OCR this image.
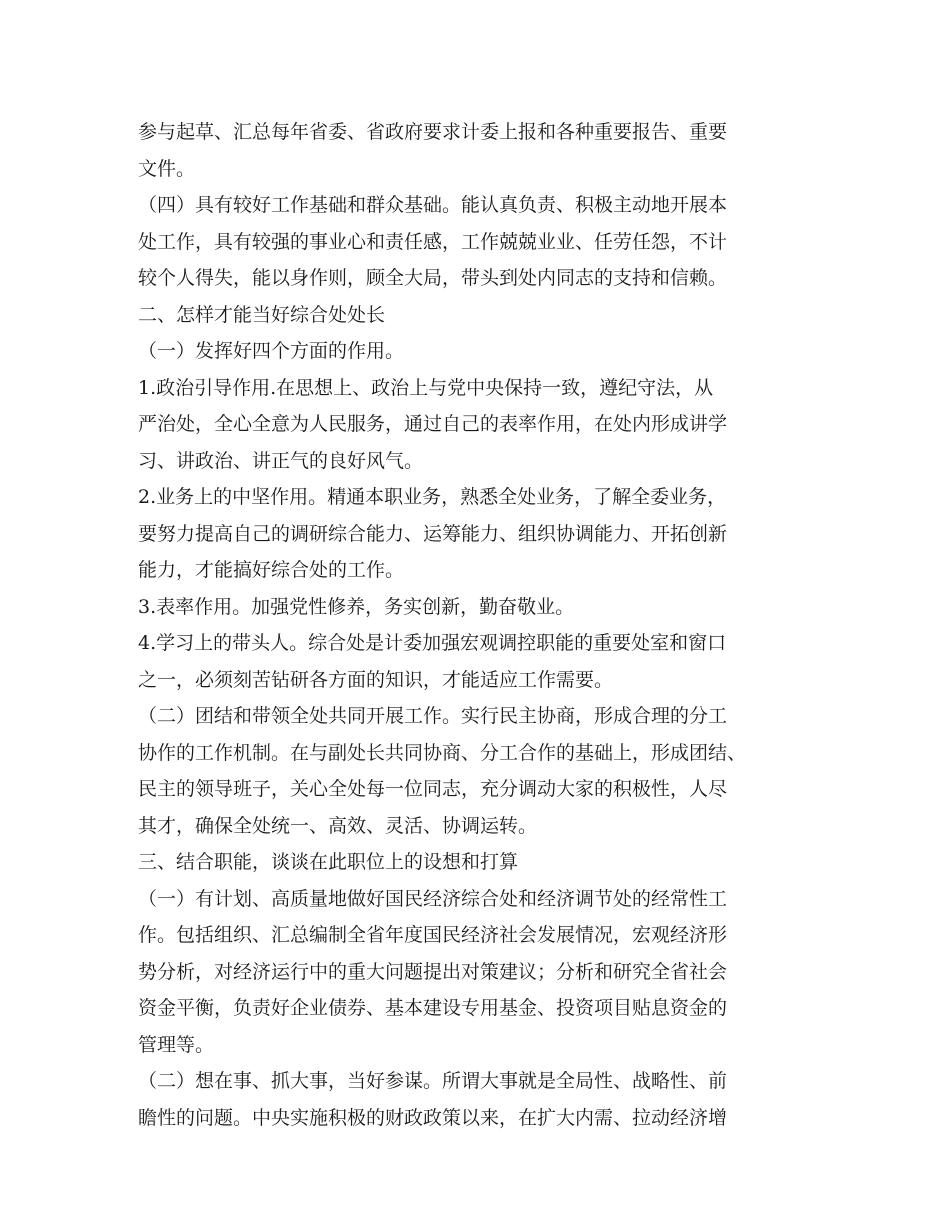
参与起草、汇总每年省委、省政府要求计委上报和各种重要报告、重要
文件。
（四）具有较好工作基础和群众基础。能认真负责、积极主动地开展本
处工作，具有较强的事业心和责任感，工作兢兢业业、任劳任怨，不计
较个人得失，能以身作则，顾全大局，带头到处内同志的支持和信赖。
二、怎样才能当好综合处处长
（一）发挥好四个方面的作用。
1.政治引导作用.在思想上、政治上与党中央保持一致，遵纪守法，从
严治处，全心全意为人民服务，通过自己的表率作用，在处内形成讲学
习、讲政治、讲正气的良好风气。
2.业务上的中坚作用。精通本职业务，熟悉全处业务，了解全委业务，
要努力提高自己的调研综合能力、运筹能力、组织协调能力、开拓创新
能力，才能搞好综合处的工作。
3.表率作用。加强党性修养，务实创新，勤奋敬业。
4.学习上的带头人。综合处是计委加强宏观调控职能的重要处室和窗口
之一，必须刻苦钻研各方面的知识，才能适应工作需要。
（二）团结和带领全处共同开展工作。实行民主协商，形成合理的分工
协作的工作机制。在与副处长共同协商、分工合作的基础上，形成团结、
民主的领导班子，关心全处每一位同志，充分调动大家的积极性，人尽
其才，确保全处统一、高效、灵活、协调运转。
三、结合职能，谈谈在此职位上的设想和打算
（一）有计划、高质量地做好国民经济综合处和经济调节处的经常性工
作。包括组织、汇总编制全省年度国民经济社会发展情况，宏观经济形
势分析，对经济运行中的重大问题提出对策建议；分析和研究全省社会
资金平衡，负责好企业债券、基本建设专用基金、投资项目贴息资金的
管理等。
（二）想在事、抓大事，当好参谋。所谓大事就是全局性、战略性、前
瞻性的问题。中央实施积极的财政政策以来，在扩大内需、拉动经济增
